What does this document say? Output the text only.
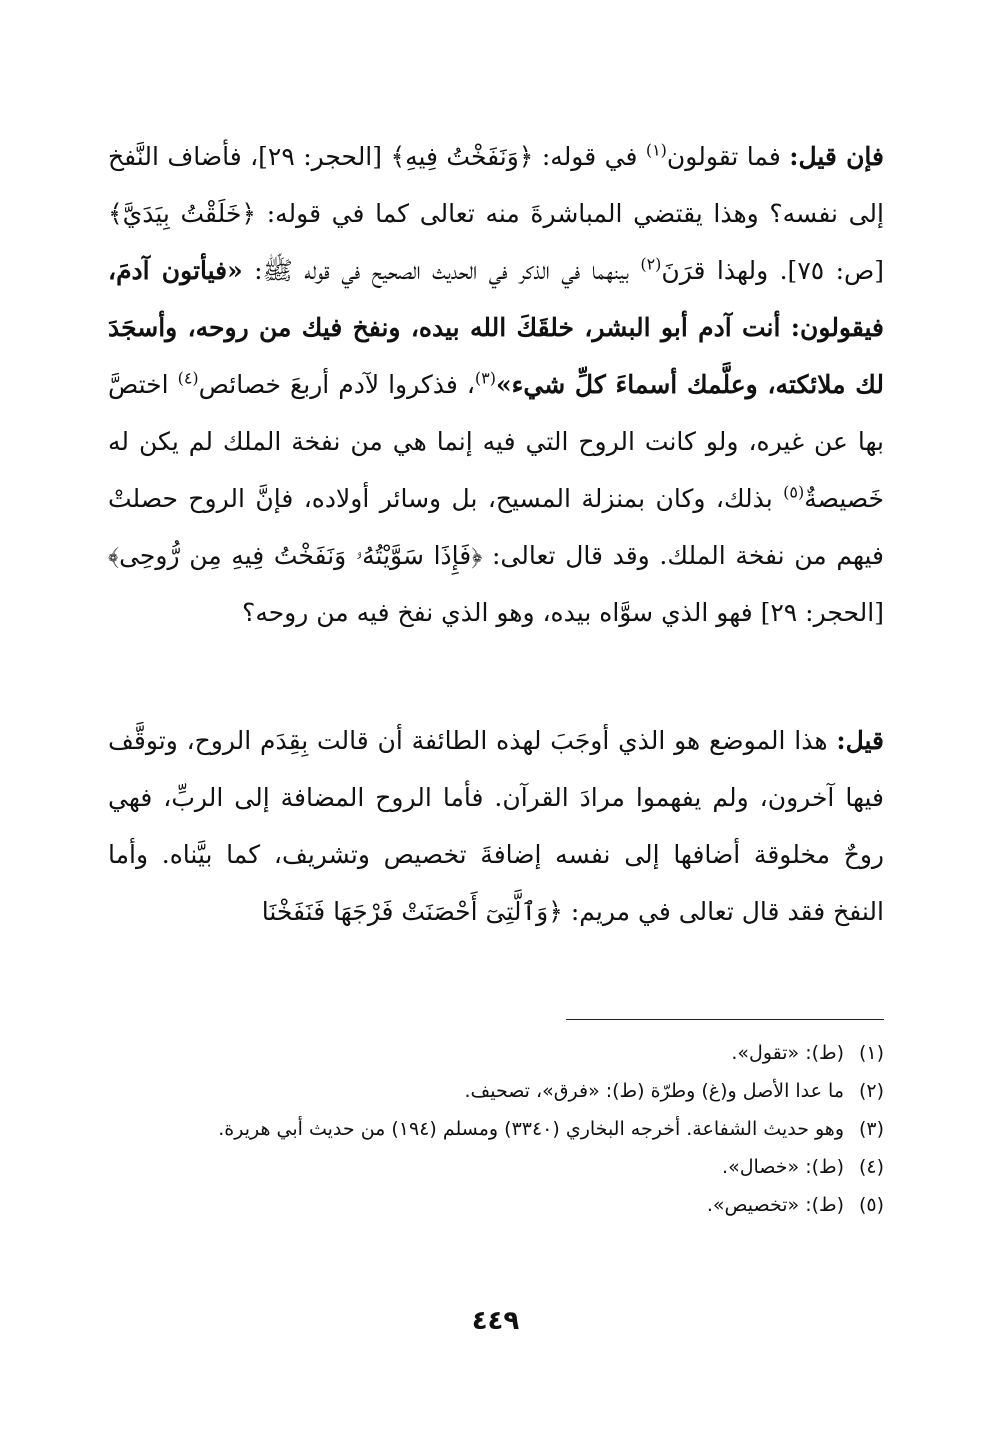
فإن قيل: فما تقولون$^{(١)}$ في قوله: ﴿وَنَفَخْتُ فِيهِ﴾ [الحجر: ٢٩]، فأضاف النَّفخ إلى نفسه؟ وهذا يقتضي المباشرةَ منه تعالى كما في قوله: ﴿خَلَقْتُ بِيَدَيَّ﴾ [ص: ٧٥]. ولهذا قرَنَ$^{(٢)}$ بينهما في الذكر في الحديث الصحيح في قوله ﷺ: «فيأتون آدمَ، فيقولون: أنت آدم أبو البشر، خلقَكَ الله بيده، ونفخ فيك من روحه، وأسجَدَ لك ملائكته، وعلَّمك أسماءَ كلِّ شيء»$^{(٣)}$، فذكروا لآدم أربعَ خصائص$^{(٤)}$ اختصَّ بها عن غيره، ولو كانت الروح التي فيه إنما هي من نفخة الملك لم يكن له خَصيصةٌ$^{(٥)}$ بذلك، وكان بمنزلة المسيح، بل وسائر أولاده، فإنَّ الروح حصلتْ فيهم من نفخة الملك. وقد قال تعالى: ﴿فَإِذَا سَوَّيْتُهُۥ وَنَفَخْتُ فِيهِ مِن رُّوحِى﴾ [الحجر: ٢٩] فهو الذي سوَّاه بيده، وهو الذي نفخ فيه من روحه؟

قيل: هذا الموضع هو الذي أوجَبَ لهذه الطائفة أن قالت بِقِدَم الروح، وتوقَّف فيها آخرون، ولم يفهموا مرادَ القرآن. فأما الروح المضافة إلى الربِّ، فهي روحٌ مخلوقة أضافها إلى نفسه إضافةَ تخصيص وتشريف، كما بيَّناه. وأما النفخ فقد قال تعالى في مريم: ﴿وَٱلَّتِىٓ أَحْصَنَتْ فَرْجَهَا فَنَفَخْنَا

(١)
(ط): «تقول».
(٢)
ما عدا الأصل و(غ) وطرّة (ط): «فرق»، تصحيف.
(٣)
وهو حديث الشفاعة. أخرجه البخاري (٣٣٤٠) ومسلم (١٩٤) من حديث أبي هريرة.
(٤)
(ط): «خصال».
(٥)
(ط): «تخصيص».
٤٤٩
